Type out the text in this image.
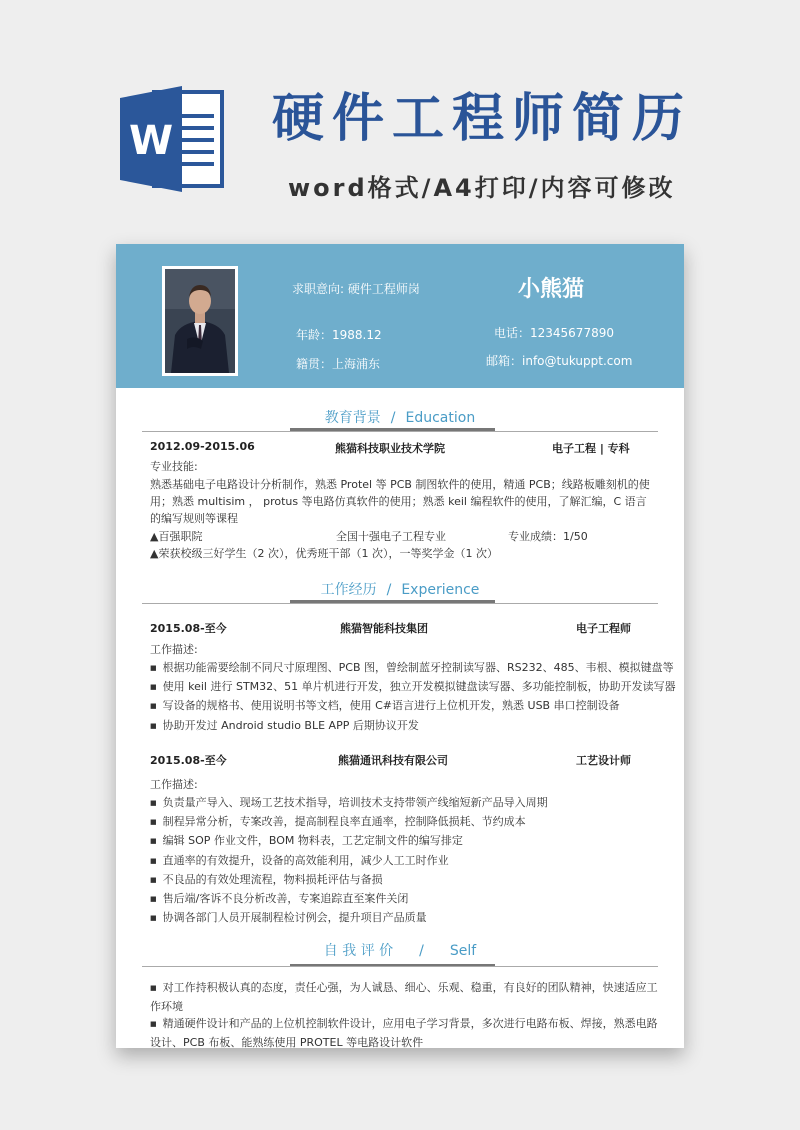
W 硬件工程师简历
word格式/A4打印/内容可修改
求职意向: 硬件工程师岗	小熊猫
年龄：1988.12	电话：12345677890
籍贯：上海浦东	邮箱：info@tukuppt.com
教育背景 / Education
2012.09-2015.06	熊猫科技职业技术学院	电子工程 | 专科
专业技能:
熟悉基础电子电路设计分析制作，熟悉 Protel 等 PCB 制图软件的使用，精通 PCB；线路板雕刻机的使用；熟悉 multisim ， protus 等电路仿真软件的使用；熟悉 keil 编程软件的使用，了解汇编，C 语言的编写规则等课程
▲百强职院	全国十强电子工程专业	专业成绩：1/50
▲荣获校级三好学生（2 次），优秀班干部（1 次），一等奖学金（1 次）
工作经历 / Experience
2015.08-至今	熊猫智能科技集团	电子工程师
工作描述:
■ 根据功能需要绘制不同尺寸原理图、PCB 图，曾绘制蓝牙控制读写器、RS232、485、韦根、模拟键盘等
■ 使用 keil 进行 STM32、51 单片机进行开发，独立开发模拟键盘读写器、多功能控制板，协助开发读写器
■ 写设备的规格书、使用说明书等文档，使用 C#语言进行上位机开发，熟悉 USB 串口控制设备
■ 协助开发过 Android studio BLE APP 后期协议开发
2015.08-至今	熊猫通讯科技有限公司	工艺设计师
工作描述:
■ 负责量产导入、现场工艺技术指导，培训技术支持带领产线缩短新产品导入周期
■ 制程异常分析，专案改善，提高制程良率直通率，控制降低损耗、节约成本
■ 编辑 SOP 作业文件，BOM 物料表，工艺定制文件的编写排定
■ 直通率的有效提升，设备的高效能利用，减少人工工时作业
■ 不良品的有效处理流程，物料损耗评估与备损
■ 售后端/客诉不良分析改善，专案追踪直至案件关闭
■ 协调各部门人员开展制程检讨例会，提升项目产品质量
自 我 评 价 / Self
■ 对工作持积极认真的态度，责任心强，为人诚恳、细心、乐观、稳重，有良好的团队精神，快速适应工作环境
■ 精通硬件设计和产品的上位机控制软件设计，应用电子学习背景，多次进行电路布板、焊接，熟悉电路设计、PCB 布板、能熟练使用 PROTEL 等电路设计软件
